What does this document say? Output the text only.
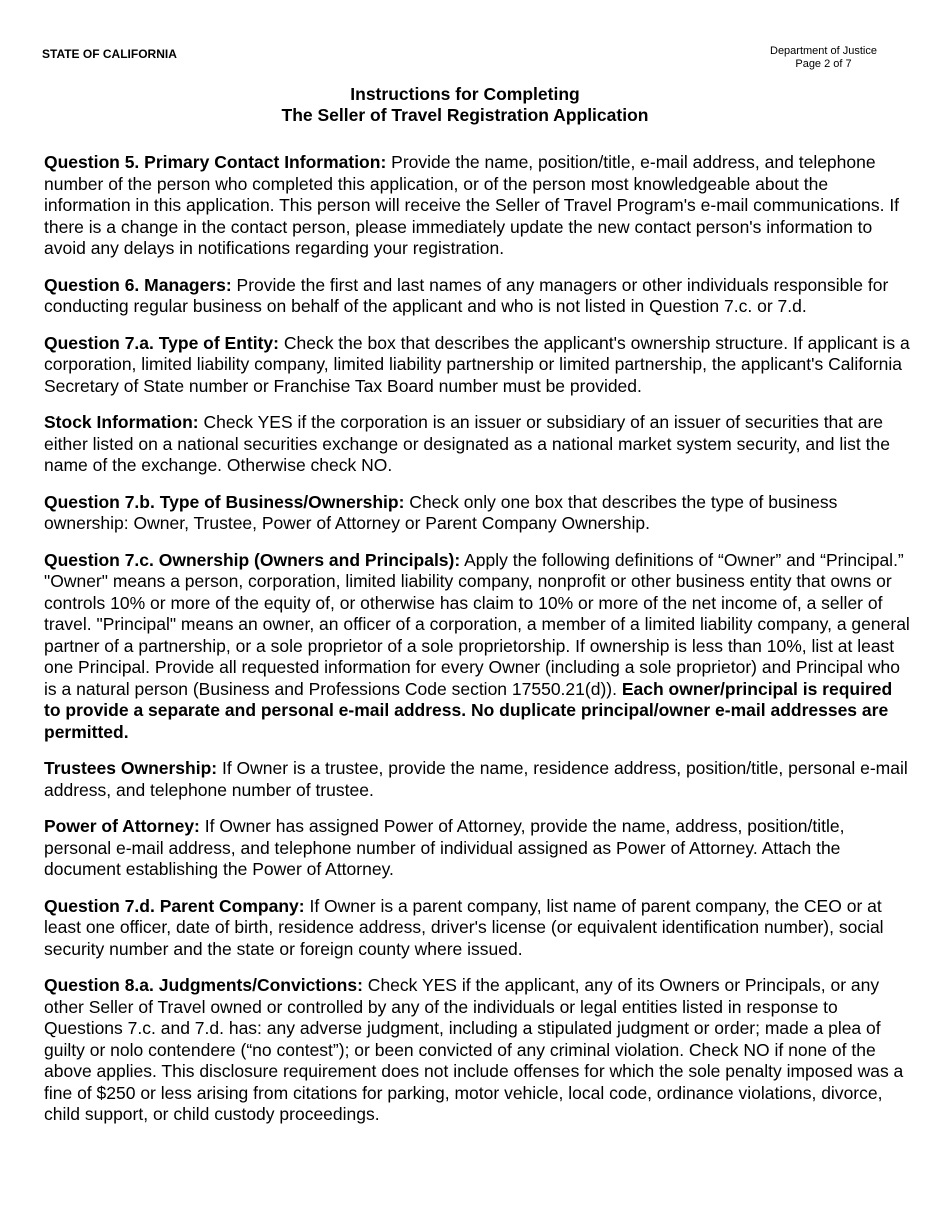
STATE OF CALIFORNIA	Department of Justice
Page 2 of 7
Instructions for Completing
The Seller of Travel Registration Application

Question 5. Primary Contact Information: Provide the name, position/title, e-mail address, and telephone number of the person who completed this application, or of the person most knowledgeable about the information in this application. This person will receive the Seller of Travel Program's e-mail communications. If there is a change in the contact person, please immediately update the new contact person's information to avoid any delays in notifications regarding your registration.

Question 6. Managers: Provide the first and last names of any managers or other individuals responsible for conducting regular business on behalf of the applicant and who is not listed in Question 7.c. or 7.d.

Question 7.a. Type of Entity: Check the box that describes the applicant's ownership structure. If applicant is a corporation, limited liability company, limited liability partnership or limited partnership, the applicant's California Secretary of State number or Franchise Tax Board number must be provided.

Stock Information: Check YES if the corporation is an issuer or subsidiary of an issuer of securities that are either listed on a national securities exchange or designated as a national market system security, and list the name of the exchange. Otherwise check NO.

Question 7.b. Type of Business/Ownership: Check only one box that describes the type of business ownership: Owner, Trustee, Power of Attorney or Parent Company Ownership.

Question 7.c. Ownership (Owners and Principals): Apply the following definitions of “Owner” and “Principal.” "Owner" means a person, corporation, limited liability company, nonprofit or other business entity that owns or controls 10% or more of the equity of, or otherwise has claim to 10% or more of the net income of, a seller of travel. "Principal" means an owner, an officer of a corporation, a member of a limited liability company, a general partner of a partnership, or a sole proprietor of a sole proprietorship. If ownership is less than 10%, list at least one Principal. Provide all requested information for every Owner (including a sole proprietor) and Principal who is a natural person (Business and Professions Code section 17550.21(d)). Each owner/principal is required to provide a separate and personal e-mail address. No duplicate principal/owner e-mail addresses are permitted.

Trustees Ownership: If Owner is a trustee, provide the name, residence address, position/title, personal e-mail address, and telephone number of trustee.

Power of Attorney: If Owner has assigned Power of Attorney, provide the name, address, position/title, personal e-mail address, and telephone number of individual assigned as Power of Attorney. Attach the document establishing the Power of Attorney.

Question 7.d. Parent Company: If Owner is a parent company, list name of parent company, the CEO or at least one officer, date of birth, residence address, driver's license (or equivalent identification number), social security number and the state or foreign county where issued.

Question 8.a. Judgments/Convictions: Check YES if the applicant, any of its Owners or Principals, or any other Seller of Travel owned or controlled by any of the individuals or legal entities listed in response to Questions 7.c. and 7.d. has: any adverse judgment, including a stipulated judgment or order; made a plea of guilty or nolo contendere (“no contest”); or been convicted of any criminal violation. Check NO if none of the above applies. This disclosure requirement does not include offenses for which the sole penalty imposed was a fine of $250 or less arising from citations for parking, motor vehicle, local code, ordinance violations, divorce, child support, or child custody proceedings.
